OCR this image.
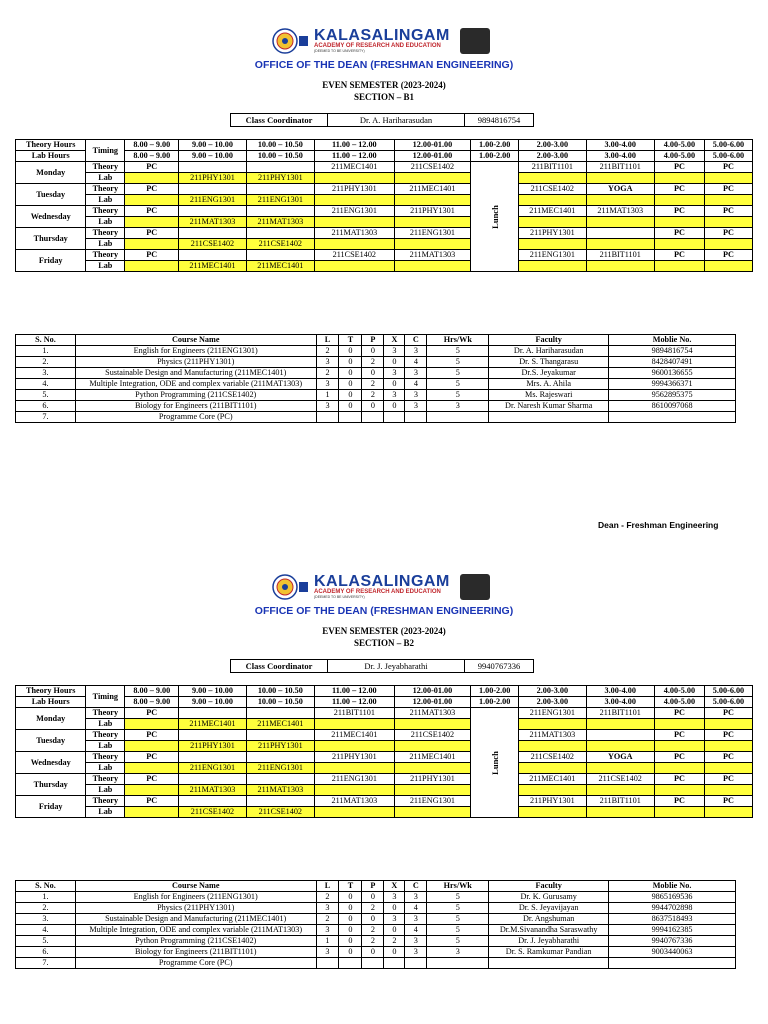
KALASALINGAM
ACADEMY OF RESEARCH AND EDUCATION
(DEEMED TO BE UNIVERSITY)
OFFICE OF THE DEAN (FRESHMAN ENGINEERING)
EVEN SEMESTER (2023-2024)
SECTION – B1
Class Coordinator	Dr. A. Hariharasudan	9894816754
Theory Hours	Timing	8.00 – 9.00	9.00 – 10.00	10.00 – 10.50	11.00 – 12.00	12.00-01.00	1.00-2.00	2.00-3.00	3.00-4.00	4.00-5.00	5.00-6.00
Lab Hours		8.00 – 9.00	9.00 – 10.00	10.00 – 10.50	11.00 – 12.00	12.00-01.00	1.00-2.00	2.00-3.00	3.00-4.00	4.00-5.00	5.00-6.00
Monday	Theory	PC			211MEC1401	211CSE1402	Lunch	211BIT1101	211BIT1101	PC	PC
	Lab		211PHY1301	211PHY1301							
Tuesday	Theory	PC			211PHY1301	211MEC1401		211CSE1402	YOGA	PC	PC
	Lab		211ENG1301	211ENG1301							
Wednesday	Theory	PC			211ENG1301	211PHY1301		211MEC1401	211MAT1303	PC	PC
	Lab		211MAT1303	211MAT1303							
Thursday	Theory	PC			211MAT1303	211ENG1301		211PHY1301		PC	PC
	Lab		211CSE1402	211CSE1402							
Friday	Theory	PC			211CSE1402	211MAT1303		211ENG1301	211BIT1101	PC	PC
	Lab		211MEC1401	211MEC1401							
S. No.	Course Name	L	T	P	X	C	Hrs/Wk	Faculty	Moblie No.
1.	English for Engineers (211ENG1301)	2	0	0	3	3	5	Dr. A. Hariharasudan	9894816754
2.	Physics (211PHY1301)	3	0	2	0	4	5	Dr. S. Thangarasu	8428407491
3.	Sustainable Design and Manufacturing (211MEC1401)	2	0	0	3	3	5	Dr.S. Jeyakumar	9600136655
4.	Multiple Integration, ODE and complex variable (211MAT1303)	3	0	2	0	4	5	Mrs. A. Ahila	9994366371
5.	Python Programming (211CSE1402)	1	0	2	3	3	5	Ms. Rajeswari	9562895375
6.	Biology for Engineers (211BIT1101)	3	0	0	0	3	3	Dr. Naresh Kumar Sharma	8610097068
7.	Programme Core (PC)								
KALASALINGAM
ACADEMY OF RESEARCH AND EDUCATION
(DEEMED TO BE UNIVERSITY)
OFFICE OF THE DEAN (FRESHMAN ENGINEERING)
EVEN SEMESTER (2023-2024)
SECTION – B2
Class Coordinator	Dr. J. Jeyabharathi	9940767336
Theory Hours	Timing	8.00 – 9.00	9.00 – 10.00	10.00 – 10.50	11.00 – 12.00	12.00-01.00	1.00-2.00	2.00-3.00	3.00-4.00	4.00-5.00	5.00-6.00
Lab Hours		8.00 – 9.00	9.00 – 10.00	10.00 – 10.50	11.00 – 12.00	12.00-01.00	1.00-2.00	2.00-3.00	3.00-4.00	4.00-5.00	5.00-6.00
Monday	Theory	PC			211BIT1101	211MAT1303	Lunch	211ENG1301	211BIT1101	PC	PC
	Lab		211MEC1401	211MEC1401							
Tuesday	Theory	PC			211MEC1401	211CSE1402		211MAT1303		PC	PC
	Lab		211PHY1301	211PHY1301							
Wednesday	Theory	PC			211PHY1301	211MEC1401		211CSE1402	YOGA	PC	PC
	Lab		211ENG1301	211ENG1301							
Thursday	Theory	PC			211ENG1301	211PHY1301		211MEC1401	211CSE1402	PC	PC
	Lab		211MAT1303	211MAT1303							
Friday	Theory	PC			211MAT1303	211ENG1301		211PHY1301	211BIT1101	PC	PC
	Lab		211CSE1402	211CSE1402							
S. No.	Course Name	L	T	P	X	C	Hrs/Wk	Faculty	Moblie No.
1.	English for Engineers (211ENG1301)	2	0	0	3	3	5	Dr. K. Gurusamy	9865169536
2.	Physics (211PHY1301)	3	0	2	0	4	5	Dr. S. Jeyavijayan	9944702898
3.	Sustainable Design and Manufacturing (211MEC1401)	2	0	0	3	3	5	Dr. Angshuman	8637518493
4.	Multiple Integration, ODE and complex variable (211MAT1303)	3	0	2	0	4	5	Dr.M.Sivanandha Saraswathy	9994162385
5.	Python Programming (211CSE1402)	1	0	2	2	3	5	Dr. J. Jeyabharathi	9940767336
6.	Biology for Engineers (211BIT1101)	3	0	0	0	3	3	Dr. S. Ramkumar Pandian	9003440063
7.	Programme Core (PC)								
Dean - Freshman Engineering
